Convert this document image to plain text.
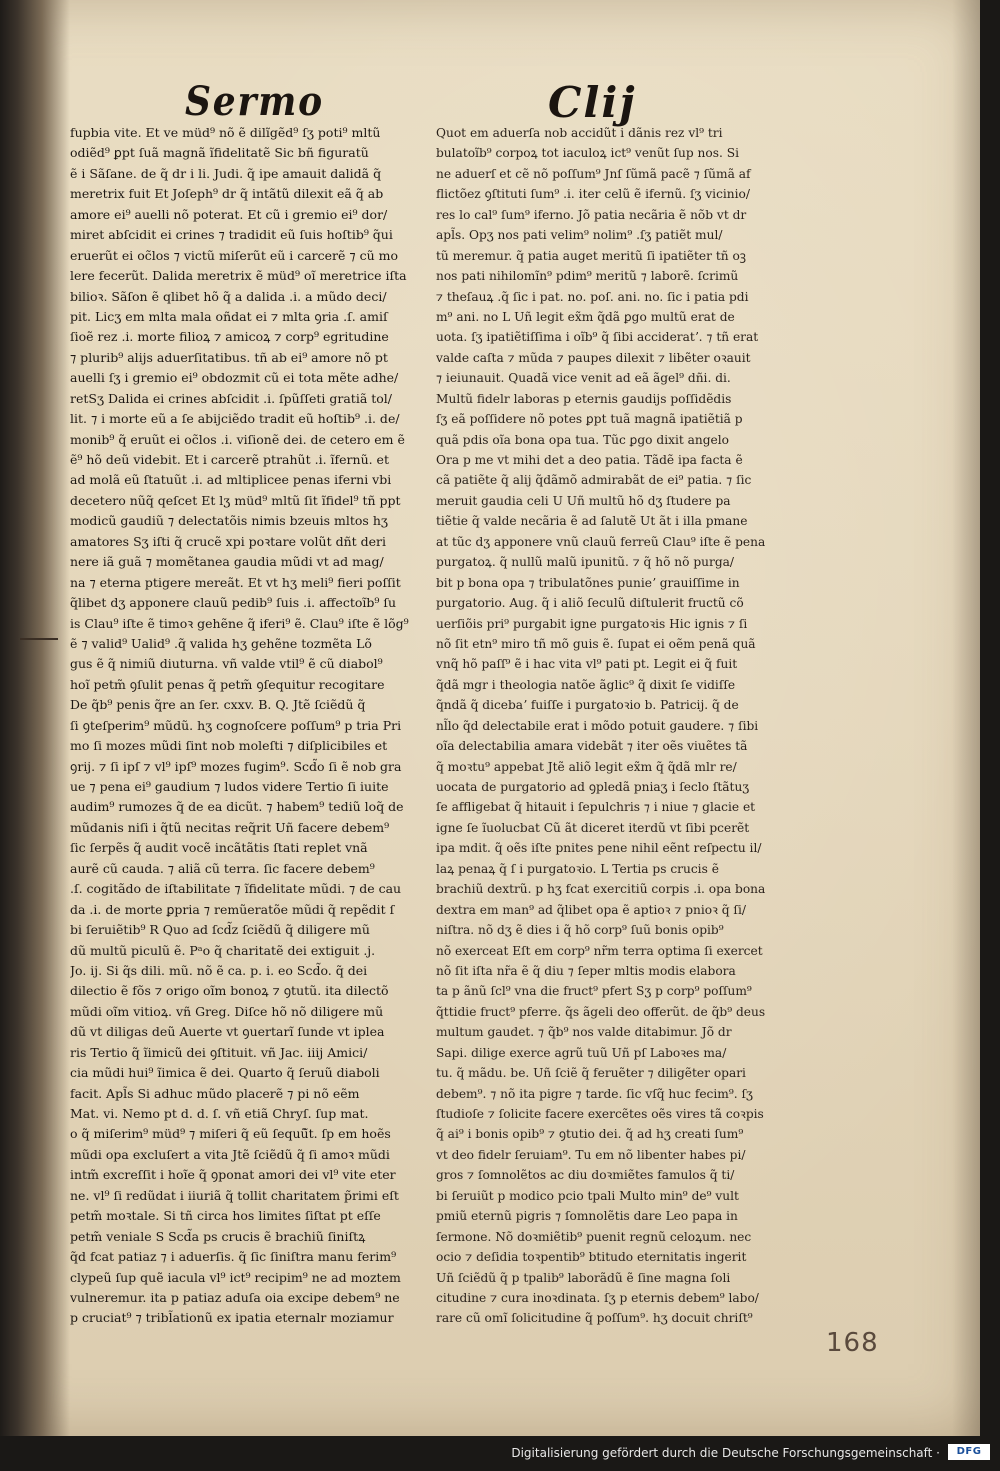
Sermo	Clij
fupbia vite. Et ve müd⁹ nõ ẽ dilĩgẽd⁹ ſʒ poti⁹ mltũ
odiẽd⁹ ꝑpt ſuã magnã ĩfidelitatẽ Sic bñ figuratũ
ẽ i Sãſane. de q̃ dr i li. Judi. q̃ ipe amauit dalidã q̃
meretrix fuit Et Joſeph⁹ dr q̃ intãtũ dilexit eã q̃ ab
amore ei⁹ auelli nõ poterat. Et cũ i gremio ei⁹ dor/
miret abſcidit ei crines ⁊ tradidit eũ ſuis hoſtib⁹ q̃ui
eruerũt ei oc̃los ⁊ victũ miſerũt eũ i carcerẽ ⁊ cũ mo
lere fecerũt. Dalida meretrix ẽ müd⁹ oĩ meretrice iſta
bilioꝛ. Sãſon ẽ qlibet hõ q̃ a dalida .i. a mũdo deci/
pit. Licʒ em mlta mala oñdat ei ⁊ mlta ꝯria .ſ. amiſ
ſioẽ rez .i. morte filioꝝ ⁊ amicoꝝ ⁊ corp⁹ egritudine
⁊ plurib⁹ alijs aduerſitatibus. tñ ab ei⁹ amore nõ pt
auelli ſʒ i gremio ei⁹ obdozmit cũ ei tota mẽte adhe/
retSʒ Dalida ei crines abſcidit .i. ſpũſſeti gratiã tol/
lit. ⁊ i morte eũ a ſe abijciẽdo tradit eũ hoſtib⁹ .i. de/
monib⁹ q̃ eruũt ei oc̃los .i. viſionẽ dei. de cetero em ẽ
ẽ⁹ hõ deũ videbit. Et i carcerẽ ptrahũt .i. ĩfernũ. et
ad molã eũ ſtatuũt .i. ad mltiplicee penas iferni vbi
decetero nũq̃ qeſcet Et lʒ müd⁹ mltũ ſit ĩfidel⁹ tñ ppt
modicũ gaudiũ ⁊ delectatõis nimis bzeuis mltos hʒ
amatores Sʒ iſti q̃ crucẽ xpi poꝛtare volũt dñt deri
nere iã guã ⁊ momẽtanea gaudia mũdi vt ad mag/
na ⁊ eterna ptigere mereãt. Et vt hʒ meli⁹ fieri poſſit
q̃libet dʒ apponere clauũ pedib⁹ ſuis .i. affectoĩb⁹ ſu
is Clau⁹ iſte ẽ timoꝛ gehẽne q̃ iferi⁹ ẽ. Clau⁹ iſte ẽ lõg⁹
ẽ ⁊ valid⁹ Ualid⁹ .q̃ valida hʒ gehẽne tozmẽta Lõ
gus ẽ q̃ nimiũ diuturna. vñ valde vtil⁹ ẽ cũ diabol⁹
hoĩ petm̃ ꝯſulit penas q̃ petm̃ ꝯſequitur recogitare
De q̃b⁹ penis q̃re an ſer. cxxv. B. Q. Jtẽ ſciẽdũ q̃
ſi ꝯteſperim⁹ mũdũ. hʒ cognoſcere poſſum⁹ p tria Pri
mo ſi mozes mũdi ſint nob moleſti ⁊ diſplicibiles et
ꝯrij. ⁊ ſi ipſ ⁊ vl⁹ ipſ⁹ mozes fugim⁹. Scd̃o ſi ẽ nob gra
ue ⁊ pena ei⁹ gaudium ⁊ ludos videre Tertio ſi iuite
audim⁹ rumozes q̃ de ea dicũt. ⁊ habem⁹ tediũ loq̃ de
mũdanis niſi i q̃tũ necitas req̃rit Uñ facere debem⁹
ſic ſerpẽs q̃ audit vocẽ incãtãtis ſtati replet vnã
aurẽ cũ cauda. ⁊ aliã cũ terra. ſic facere debem⁹
.ſ. cogitãdo de iſtabilitate ⁊ ĩfidelitate mũdi. ⁊ de cau
da .i. de morte ꝑpria ⁊ remũeratõe mũdi q̃ repẽdit ſ
bi ſeruiẽtib⁹ R Quo ad ſcd̃z ſciẽdũ q̃ diligere mũ
dũ multũ piculũ ẽ. Pᵃo q̃ charitatẽ dei extiguit .j.
Jo. ij. Si q̃s dili. mũ. nõ ẽ ca. p. i. eo Scd̃o. q̃ dei
dilectio ẽ fõs ⁊ origo oĩm bonoꝝ ⁊ ꝯtutũ. ita dilectõ
mũdi oĩm vitioꝝ. vñ Greg. Diſce hõ nõ diligere mũ
dũ vt diligas deũ Auerte vt ꝯuertarĩ ſunde vt iplea
ris Tertio q̃ ĩimicũ dei ꝯſtituit. vñ Jac. iiij Amici/
cia mũdi hui⁹ ĩimica ẽ dei. Quarto q̃ ſeruũ diaboli
facit. Apl̃s Si adhuc mũdo placerẽ ⁊ pi nõ eẽm
Mat. vi. Nemo pt d. d. ſ. vñ etiã Chryſ. ſup mat.
o q̃ miſerim⁹ müd⁹ ⁊ miſeri q̃ eũ ſequũ̃t. ſp em hoẽs
mũdi opa excluſert a vita Jtẽ ſciẽdũ q̃ ſi amoꝛ mũdi
intm̃ excreſſit i hoĩe q̃ ꝯponat amori dei vl⁹ vite eter
ne. vl⁹ ſi redũdat i iiuriã q̃ tollit charitatem p̃rimi eſt
petm̃ moꝛtale. Si tñ circa hos limites ſiſtat pt eſſe
petm̃ veniale S Scd̃a ps crucis ẽ brachiũ ſiniſtꝝ
q̃d fcat patiaz ⁊ i aduerſis. q̃ ſic ſiniſtra manu ferim⁹
clypeũ ſup quẽ iacula vl⁹ ict⁹ recipim⁹ ne ad moztem
vulneremur. ita p patiaz aduſa oia excipe debem⁹ ne
p cruciat⁹ ⁊ tribl̃ationũ ex ipatia eternalr moziamur
Quot em aduerſa nob accidũt i dãnis rez vl⁹ tri
bulatoĩb⁹ corpoꝝ tot iaculoꝝ ict⁹ venũt ſup nos. Si
ne aduerſ et cẽ nõ poſſum⁹ Jnſ ſũmã pacẽ ⁊ ſũmã af
flictõez ꝯſtituti ſum⁹ .i. iter celũ ẽ ifernũ. ſʒ vicinio/
res lo cal⁹ ſum⁹ iferno. Jõ patia necãria ẽ nõb vt dr
apl̃s. Opʒ nos pati velim⁹ nolim⁹ .ſʒ patiẽt mul/
tũ meremur. q̃ patia auget meritũ ſi ipatiẽter tñ oꝫ
nos pati nihilomĩn⁹ pdim⁹ meritũ ⁊ laborẽ. ſcrimũ
⁊ theſauꝝ .q̃ ſic i pat. no. poſ. ani. no. ſic i patia pdi
m⁹ ani. no L Uñ legit ex̃m q̃dã ꝑgo multũ erat de
uota. ſʒ ipatiẽtiſſima i oĩb⁹ q̃ ſibi accideratʼ. ⁊ tñ erat
valde caſta ⁊ mũda ⁊ paupes dilexit ⁊ libẽter oꝛauit
⁊ ieiunauit. Quadã vice venit ad eã ãgel⁹ dñi. di.
Multũ fidelr laboras p eternis gaudijs poſſidẽdis
ſʒ eã poſſidere nõ potes ꝑpt tuã magnã ipatiẽtiã p
quã pdis oĩa bona opa tua. Tũc ꝑgo dixit angelo
Ora p me vt mihi det a deo patia. Tãdẽ ipa facta ẽ
cã patiẽte q̃ alij q̃dãmõ admirabãt de ei⁹ patia. ⁊ ſic
meruit gaudia celi U Uñ multũ hõ dʒ ſtudere pa
tiẽtie q̃ valde necãria ẽ ad ſalutẽ Ut ãt i illa pmane
at tũc dʒ apponere vnũ clauũ ferreũ Clau⁹ iſte ẽ pena
purgatoꝝ. q̃ nullũ malũ ipunitũ. ⁊ q̃ hõ nõ purga/
bit p bona opa ⁊ tribulatõnes punieʼ grauiſſime in
purgatorio. Aug. q̃ i aliõ ſeculũ diſtulerit fructũ cõ
uerſiõis pri⁹ purgabit igne purgatoꝛis Hic ignis ⁊ ſi
nõ ſit etn⁹ miro tñ mõ guis ẽ. ſupat ei oẽm penã quã
vnq̃ hõ paſſ⁹ ẽ i hac vita vl⁹ pati pt. Legit ei q̃ fuit
q̃dã mgr i theologia natõe ãglic⁹ q̃ dixit ſe vidiſſe
q̃ndã q̃ dicebaʼ fuiſſe i purgatoꝛio b. Patricij. q̃ de
nl̃lo q̃d delectabile erat i mõdo potuit gaudere. ⁊ ſibi
oĩa delectabilia amara videbãt ⁊ iter oẽs viuẽtes tã
q̃ moꝛtu⁹ appebat Jtẽ aliõ legit ex̃m q̃ q̃dã mlr re/
uocata de purgatorio ad ꝯpledã pniaʒ i ſeclo ſtãtuʒ
ſe affligebat q̃ hitauit i ſepulchris ⁊ i niue ⁊ glacie et
igne ſe ĩuolucbat Cũ ãt diceret iterdũ vt ſibi pcerẽt
ipa mdit. q̃ oẽs iſte pnites pene nihil eẽnt reſpectu il/
laꝝ penaꝝ q̃ ſ i purgatoꝛio. L Tertia ps crucis ẽ
brachiũ dextrũ. p hʒ fcat exercitiũ corpis .i. opa bona
dextra em man⁹ ad q̃libet opa ẽ aptioꝛ ⁊ pnioꝛ q̃ ſi/
niſtra. nõ dʒ ẽ dies i q̃ hõ corp⁹ ſuũ bonis opib⁹
nõ exerceat Eſt em corp⁹ nr̃m terra optima ſi exercet
nõ ſit iſta nr̃a ẽ q̃ diu ⁊ ſeper mltis modis elabora
ta p ãnũ ſcl⁹ vna die fruct⁹ pfert Sʒ p corp⁹ poſſum⁹
q̃ttidie fruct⁹ pferre. q̃s ãgeli deo offerũt. de q̃b⁹ deus
multum gaudet. ⁊ q̃b⁹ nos valde ditabimur. Jõ dr
Sapi. dilige exerce agrũ tuũ Uñ pſ Laboꝛes ma/
tu. q̃ mãdu. be. Uñ ſciẽ q̃ feruẽter ⁊ diligẽter opari
debem⁹. ⁊ nõ ita pigre ⁊ tarde. ſic vſq̃ huc fecim⁹. ſʒ
ſtudioſe ⁊ ſolicite facere exercẽtes oẽs vires tã coꝛpis
q̃ ai⁹ i bonis opib⁹ ⁊ ꝯtutio dei. q̃ ad hʒ creati ſum⁹
vt deo fidelr ſeruiam⁹. Tu em nõ libenter habes pi/
gros ⁊ ſomnolẽtos ac diu doꝛmiẽtes famulos q̃ ti/
bi ſeruiũt p modico pcio tpali Multo min⁹ de⁹ vult
pmiũ eternũ pigris ⁊ ſomnolẽtis dare Leo papa in
ſermone. Nõ doꝛmiẽtib⁹ puenit regnũ celoꝝum. nec
ocio ⁊ deſidia toꝛpentib⁹ btitudo eternitatis ingerit
Uñ ſciẽdũ q̃ p tpalib⁹ laborãdũ ẽ ſine magna ſoli
citudine ⁊ cura inoꝛdinata. ſʒ p eternis debem⁹ labo/
rare cũ omĩ ſolicitudine q̃ poſſum⁹. hʒ docuit chriſt⁹
168
Digitalisierung gefördert durch die Deutsche Forschungsgemeinschaft ·	DFG
